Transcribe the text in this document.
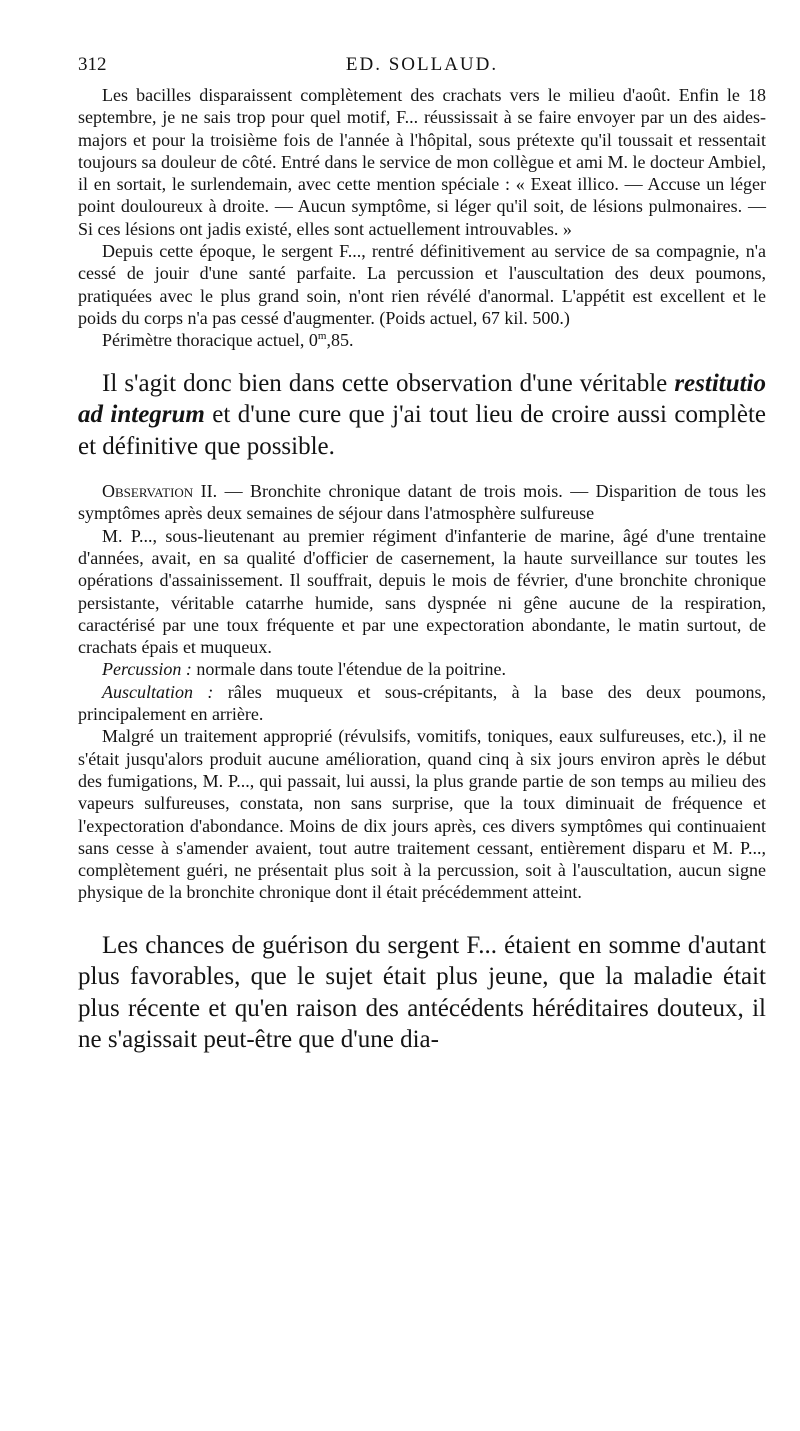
312	ED. SOLLAUD.

Les bacilles disparaissent complètement des crachats vers le milieu d'août. Enfin le 18 septembre, je ne sais trop pour quel motif, F... réussissait à se faire envoyer par un des aides-majors et pour la troisième fois de l'année à l'hôpital, sous prétexte qu'il toussait et ressentait toujours sa douleur de côté. Entré dans le service de mon collègue et ami M. le docteur Ambiel, il en sortait, le surlendemain, avec cette mention spéciale : « Exeat illico. — Accuse un léger point douloureux à droite. — Aucun symptôme, si léger qu'il soit, de lésions pulmonaires. — Si ces lésions ont jadis existé, elles sont actuellement introuvables. »

Depuis cette époque, le sergent F..., rentré définitivement au service de sa compagnie, n'a cessé de jouir d'une santé parfaite. La percussion et l'auscultation des deux poumons, pratiquées avec le plus grand soin, n'ont rien révélé d'anormal. L'appétit est excellent et le poids du corps n'a pas cessé d'augmenter. (Poids actuel, 67 kil. 500.)

Périmètre thoracique actuel, 0$^m$,85.

Il s'agit donc bien dans cette observation d'une véritable restitutio ad integrum et d'une cure que j'ai tout lieu de croire aussi complète et définitive que possible.

Observation II. — Bronchite chronique datant de trois mois. — Disparition de tous les symptômes après deux semaines de séjour dans l'atmosphère sulfureuse

M. P..., sous-lieutenant au premier régiment d'infanterie de marine, âgé d'une trentaine d'années, avait, en sa qualité d'officier de casernement, la haute surveillance sur toutes les opérations d'assainissement. Il souffrait, depuis le mois de février, d'une bronchite chronique persistante, véritable catarrhe humide, sans dyspnée ni gêne aucune de la respiration, caractérisé par une toux fréquente et par une expectoration abondante, le matin surtout, de crachats épais et muqueux.

Percussion : normale dans toute l'étendue de la poitrine.

Auscultation : râles muqueux et sous-crépitants, à la base des deux poumons, principalement en arrière.

Malgré un traitement approprié (révulsifs, vomitifs, toniques, eaux sulfureuses, etc.), il ne s'était jusqu'alors produit aucune amélioration, quand cinq à six jours environ après le début des fumigations, M. P..., qui passait, lui aussi, la plus grande partie de son temps au milieu des vapeurs sulfureuses, constata, non sans surprise, que la toux diminuait de fréquence et l'expectoration d'abondance. Moins de dix jours après, ces divers symptômes qui continuaient sans cesse à s'amender avaient, tout autre traitement cessant, entièrement disparu et M. P..., complètement guéri, ne présentait plus soit à la percussion, soit à l'auscultation, aucun signe physique de la bronchite chronique dont il était précédemment atteint.

Les chances de guérison du sergent F... étaient en somme d'autant plus favorables, que le sujet était plus jeune, que la maladie était plus récente et qu'en raison des antécédents héréditaires douteux, il ne s'agissait peut-être que d'une dia-
